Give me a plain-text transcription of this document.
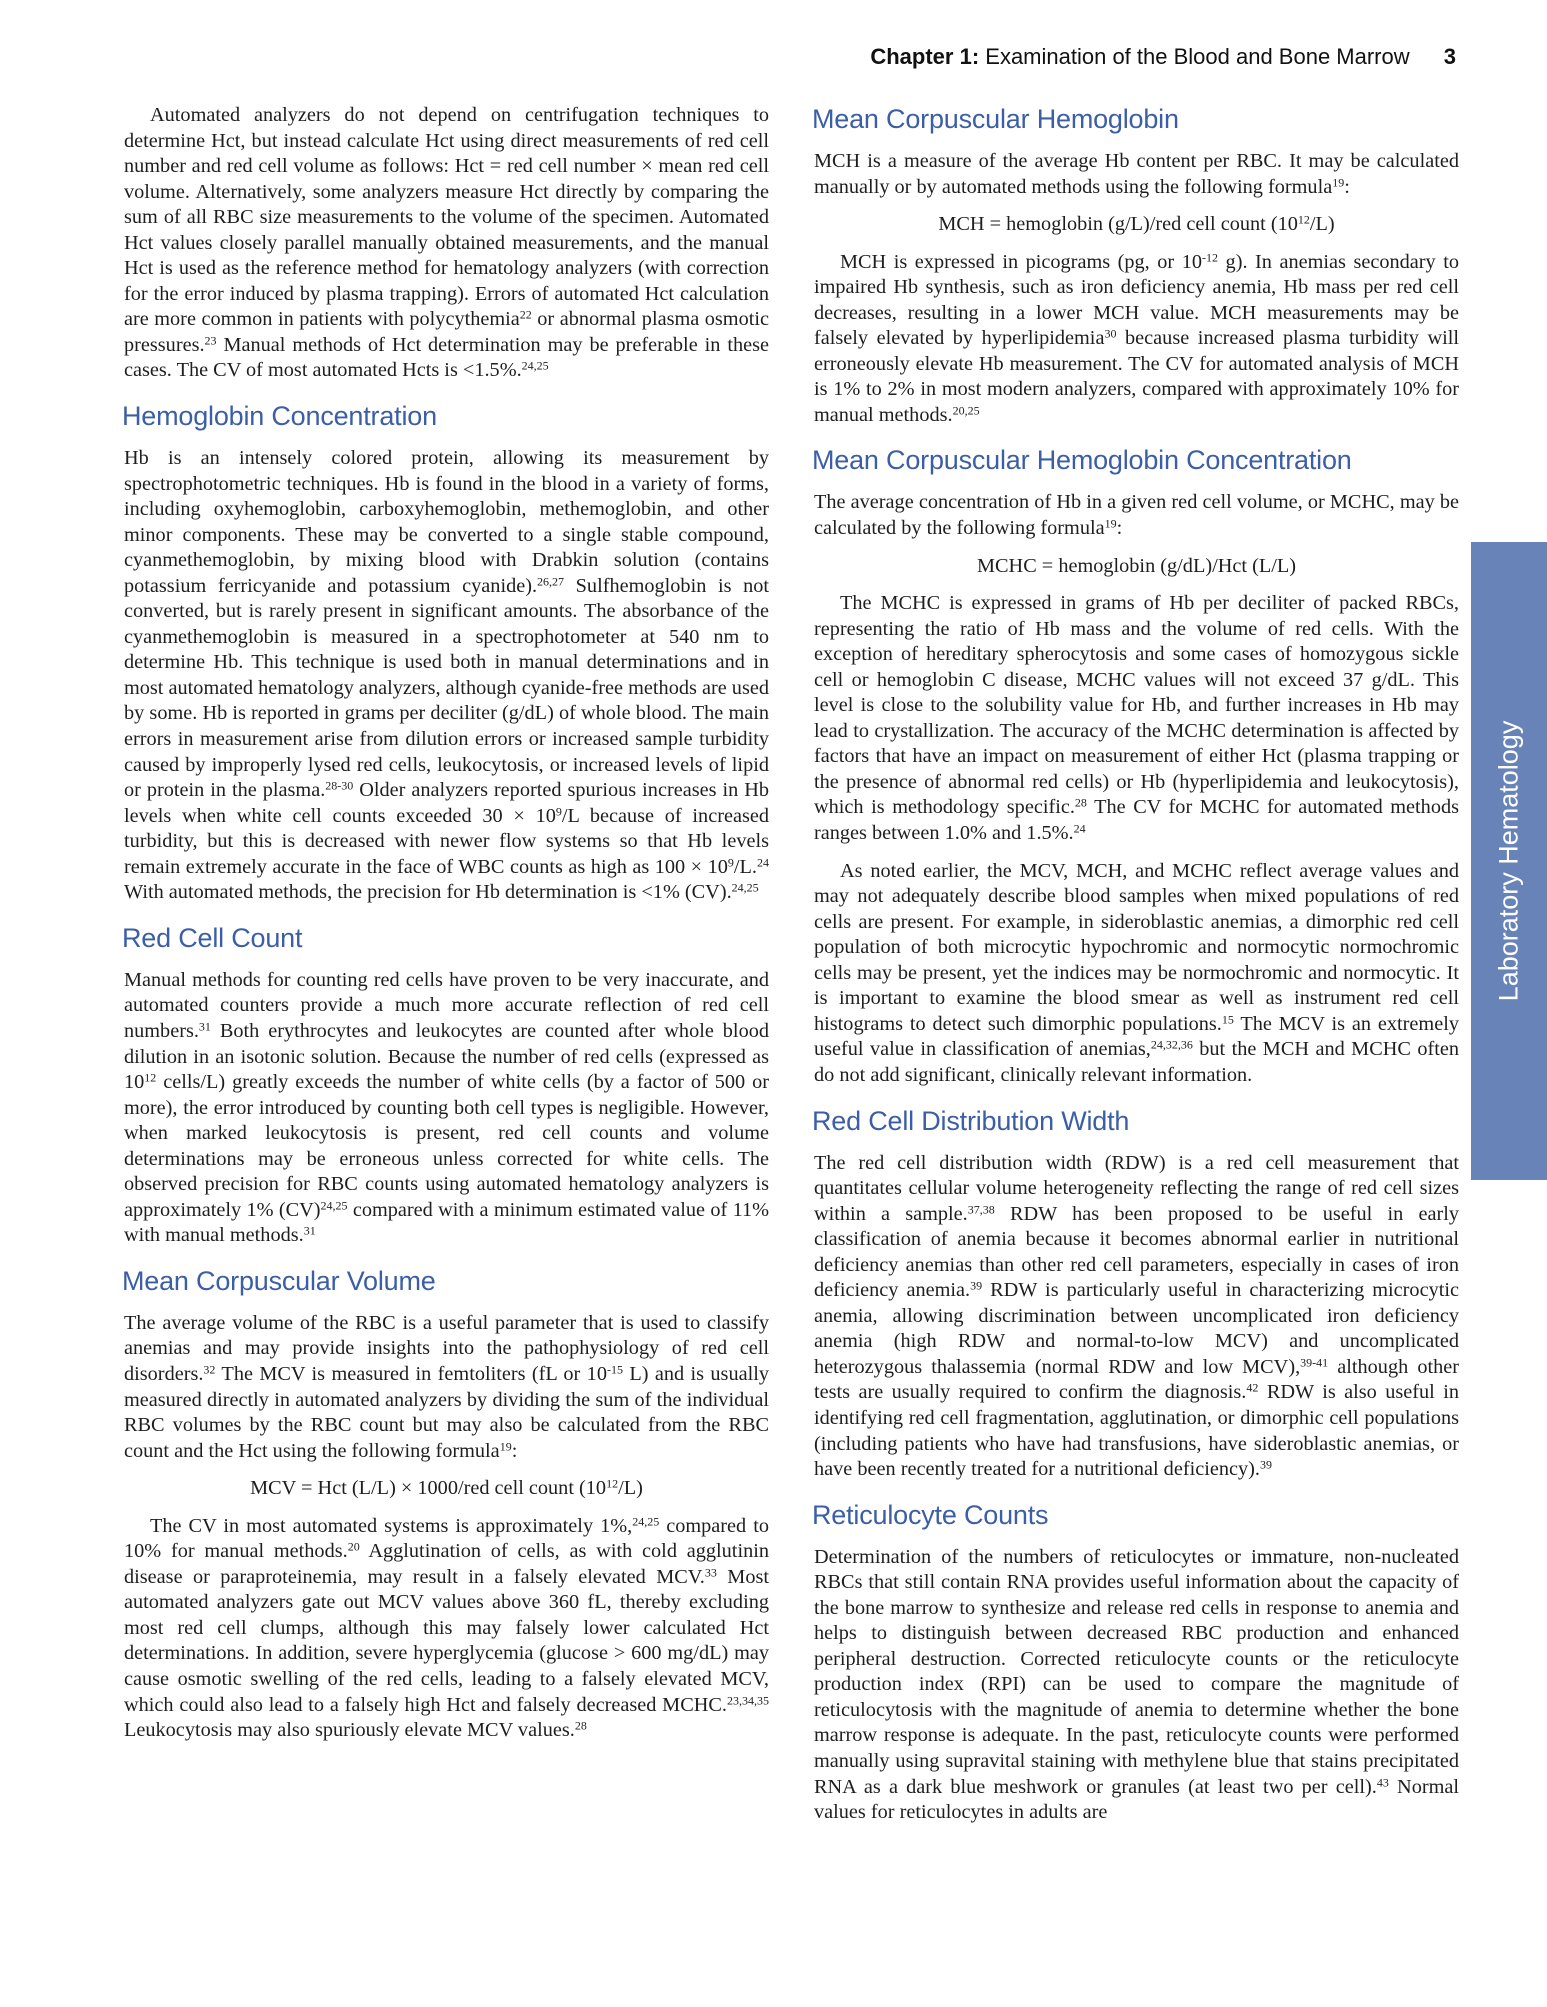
Chapter 1: Examination of the Blood and Bone Marrow 3

Automated analyzers do not depend on centrifugation techniques to determine Hct, but instead calculate Hct using direct measurements of red cell number and red cell volume as follows: Hct = red cell number × mean red cell volume. Alternatively, some analyzers measure Hct directly by comparing the sum of all RBC size measurements to the volume of the specimen. Automated Hct values closely parallel manually obtained measurements, and the manual Hct is used as the reference method for hematology analyzers (with correction for the error induced by plasma trapping). Errors of automated Hct calculation are more common in patients with polycythemia$^{22}$ or abnormal plasma osmotic pressures.$^{23}$ Manual methods of Hct determination may be preferable in these cases. The CV of most automated Hcts is <1.5%.$^{24,25}$

Hemoglobin Concentration

Hb is an intensely colored protein, allowing its measurement by spectrophotometric techniques. Hb is found in the blood in a variety of forms, including oxyhemoglobin, carboxyhemoglobin, methemoglobin, and other minor components. These may be converted to a single stable compound, cyanmethemoglobin, by mixing blood with Drabkin solution (contains potassium ferricyanide and potassium cyanide).$^{26,27}$ Sulfhemoglobin is not converted, but is rarely present in significant amounts. The absorbance of the cyanmethemoglobin is measured in a spectrophotometer at 540 nm to determine Hb. This technique is used both in manual determinations and in most automated hematology analyzers, although cyanide-free methods are used by some. Hb is reported in grams per deciliter (g/dL) of whole blood. The main errors in measurement arise from dilution errors or increased sample turbidity caused by improperly lysed red cells, leukocytosis, or increased levels of lipid or protein in the plasma.$^{28-30}$ Older analyzers reported spurious increases in Hb levels when white cell counts exceeded $30 \times 10^9/L$ because of increased turbidity, but this is decreased with newer flow systems so that Hb levels remain extremely accurate in the face of WBC counts as high as $100 \times 10^9/L.^{24}$ With automated methods, the precision for Hb determination is <1% (CV).$^{24,25}$

Red Cell Count

Manual methods for counting red cells have proven to be very inaccurate, and automated counters provide a much more accurate reflection of red cell numbers.$^{31}$ Both erythrocytes and leukocytes are counted after whole blood dilution in an isotonic solution. Because the number of red cells (expressed as $10^{12}$ cells/L) greatly exceeds the number of white cells (by a factor of 500 or more), the error introduced by counting both cell types is negligible. However, when marked leukocytosis is present, red cell counts and volume determinations may be erroneous unless corrected for white cells. The observed precision for RBC counts using automated hematology analyzers is approximately 1% (CV)$^{24,25}$ compared with a minimum estimated value of 11% with manual methods.$^{31}$

Mean Corpuscular Volume

The average volume of the RBC is a useful parameter that is used to classify anemias and may provide insights into the pathophysiology of red cell disorders.$^{32}$ The MCV is measured in femtoliters (fL or $10^{-15}$ L) and is usually measured directly in automated analyzers by dividing the sum of the individual RBC volumes by the RBC count but may also be calculated from the RBC count and the Hct using the following formula$^{19}$:

MCV = Hct (L/L) × 1000/red cell count $(10^{12}/L)$

The CV in most automated systems is approximately 1%,$^{24,25}$ compared to 10% for manual methods.$^{20}$ Agglutination of cells, as with cold agglutinin disease or paraproteinemia, may result in a falsely elevated MCV.$^{33}$ Most automated analyzers gate out MCV values above 360 fL, thereby excluding most red cell clumps, although this may falsely lower calculated Hct determinations. In addition, severe hyperglycemia (glucose > 600 mg/dL) may cause osmotic swelling of the red cells, leading to a falsely elevated MCV, which could also lead to a falsely high Hct and falsely decreased MCHC.$^{23,34,35}$ Leukocytosis may also spuriously elevate MCV values.$^{28}$

Mean Corpuscular Hemoglobin

MCH is a measure of the average Hb content per RBC. It may be calculated manually or by automated methods using the following formula$^{19}$:

MCH = hemoglobin (g/L)/red cell count $(10^{12}/L)$

MCH is expressed in picograms (pg, or $10^{-12}$ g). In anemias secondary to impaired Hb synthesis, such as iron deficiency anemia, Hb mass per red cell decreases, resulting in a lower MCH value. MCH measurements may be falsely elevated by hyperlipidemia$^{30}$ because increased plasma turbidity will erroneously elevate Hb measurement. The CV for automated analysis of MCH is 1% to 2% in most modern analyzers, compared with approximately 10% for manual methods.$^{20,25}$

Mean Corpuscular Hemoglobin Concentration

The average concentration of Hb in a given red cell volume, or MCHC, may be calculated by the following formula$^{19}$:

MCHC = hemoglobin (g/dL)/Hct (L/L)

The MCHC is expressed in grams of Hb per deciliter of packed RBCs, representing the ratio of Hb mass and the volume of red cells. With the exception of hereditary spherocytosis and some cases of homozygous sickle cell or hemoglobin C disease, MCHC values will not exceed 37 g/dL. This level is close to the solubility value for Hb, and further increases in Hb may lead to crystallization. The accuracy of the MCHC determination is affected by factors that have an impact on measurement of either Hct (plasma trapping or the presence of abnormal red cells) or Hb (hyperlipidemia and leukocytosis), which is methodology specific.$^{28}$ The CV for MCHC for automated methods ranges between 1.0% and 1.5%.$^{24}$

As noted earlier, the MCV, MCH, and MCHC reflect average values and may not adequately describe blood samples when mixed populations of red cells are present. For example, in sideroblastic anemias, a dimorphic red cell population of both microcytic hypochromic and normocytic normochromic cells may be present, yet the indices may be normochromic and normocytic. It is important to examine the blood smear as well as instrument red cell histograms to detect such dimorphic populations.$^{15}$ The MCV is an extremely useful value in classification of anemias,$^{24,32,36}$ but the MCH and MCHC often do not add significant, clinically relevant information.

Red Cell Distribution Width

The red cell distribution width (RDW) is a red cell measurement that quantitates cellular volume heterogeneity reflecting the range of red cell sizes within a sample.$^{37,38}$ RDW has been proposed to be useful in early classification of anemia because it becomes abnormal earlier in nutritional deficiency anemias than other red cell parameters, especially in cases of iron deficiency anemia.$^{39}$ RDW is particularly useful in characterizing microcytic anemia, allowing discrimination between uncomplicated iron deficiency anemia (high RDW and normal-to-low MCV) and uncomplicated heterozygous thalassemia (normal RDW and low MCV),$^{39-41}$ although other tests are usually required to confirm the diagnosis.$^{42}$ RDW is also useful in identifying red cell fragmentation, agglutination, or dimorphic cell populations (including patients who have had transfusions, have sideroblastic anemias, or have been recently treated for a nutritional deficiency).$^{39}$

Reticulocyte Counts

Determination of the numbers of reticulocytes or immature, non-nucleated RBCs that still contain RNA provides useful information about the capacity of the bone marrow to synthesize and release red cells in response to anemia and helps to distinguish between decreased RBC production and enhanced peripheral destruction. Corrected reticulocyte counts or the reticulocyte production index (RPI) can be used to compare the magnitude of reticulocytosis with the magnitude of anemia to determine whether the bone marrow response is adequate. In the past, reticulocyte counts were performed manually using supravital staining with methylene blue that stains precipitated RNA as a dark blue meshwork or granules (at least two per cell).$^{43}$ Normal values for reticulocytes in adults are

Laboratory Hematology
